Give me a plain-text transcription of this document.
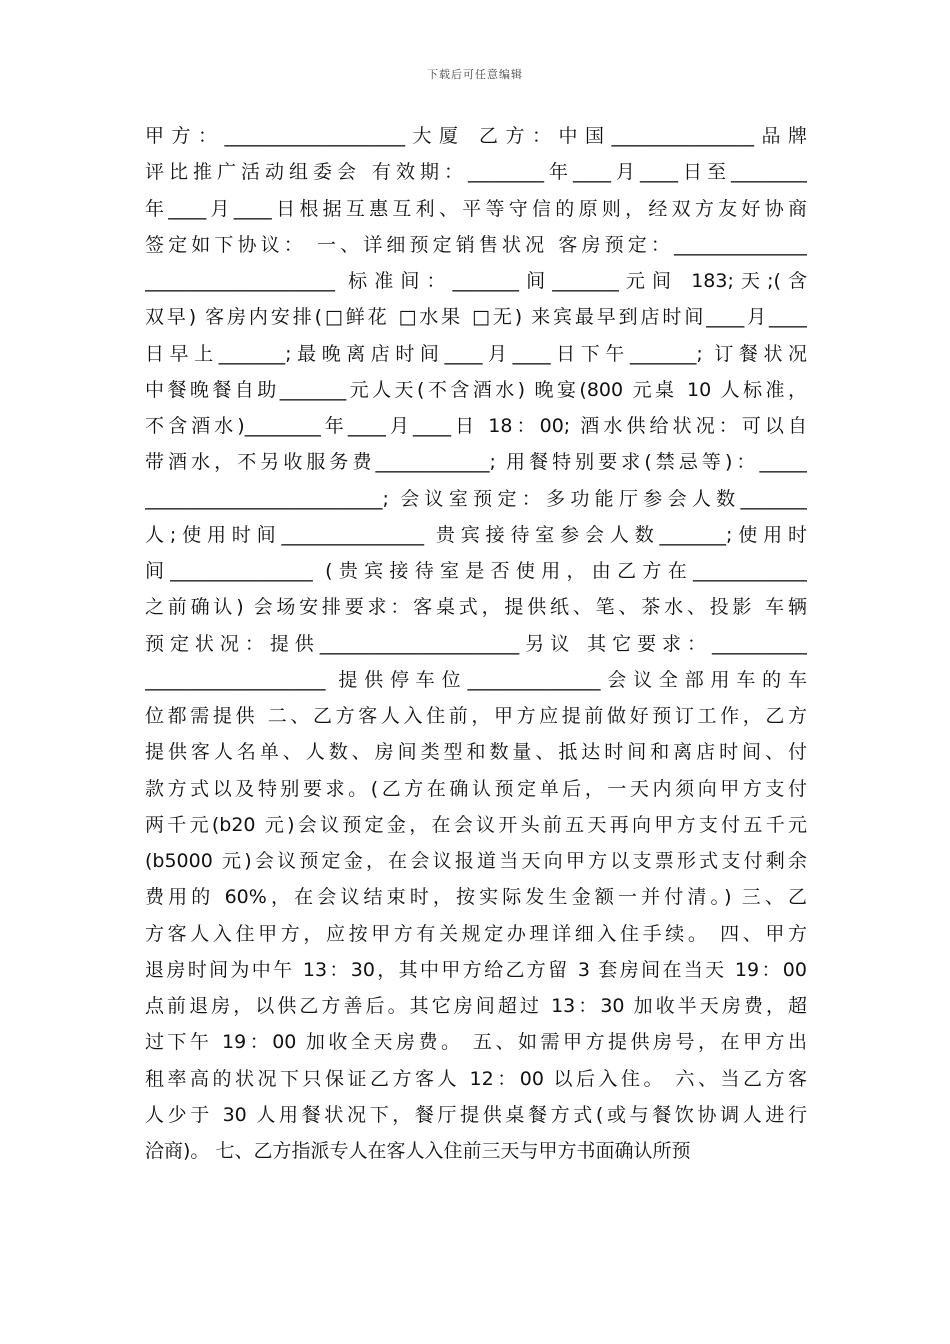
下载后可任意编辑
甲方：___________________大厦 乙方：中国_______________品牌
评比推广活动组委会 有效期：________年____月____日至________
年____月____日根据互惠互利、平等守信的原则，经双方友好协商
签定如下协议： 一、详细预定销售状况 客房预定：______________
____________________ 标准间：_______间_______元间 183;天;(含
双早) 客房内安排(□鲜花 □水果 □无) 来宾最早到店时间____月____
日早上_______;最晚离店时间____月____日下午_______; 订餐状况
中餐晚餐自助_______元人天(不含酒水) 晚宴(800 元桌 10 人标准，
不含酒水)________年____月____日 18：00; 酒水供给状况：可以自
带酒水，不另收服务费____________; 用餐特别要求(禁忌等)：_____
_________________________; 会议室预定：多功能厅参会人数_______
人;使用时间_______________ 贵宾接待室参会人数_______;使用时
间_______________ (贵宾接待室是否使用，由乙方在____________
之前确认) 会场安排要求：客桌式，提供纸、笔、茶水、投影 车辆
预定状况：提供_____________________另议 其它要求：__________
___________________ 提供停车位______________会议全部用车的车
位都需提供 二、乙方客人入住前，甲方应提前做好预订工作，乙方
提供客人名单、人数、房间类型和数量、抵达时间和离店时间、付
款方式以及特别要求。(乙方在确认预定单后，一天内须向甲方支付
两千元(b20 元)会议预定金，在会议开头前五天再向甲方支付五千元
(b5000 元)会议预定金，在会议报道当天向甲方以支票形式支付剩余
费用的 60%，在会议结束时，按实际发生金额一并付清。) 三、乙
方客人入住甲方，应按甲方有关规定办理详细入住手续。 四、甲方
退房时间为中午 13：30，其中甲方给乙方留 3 套房间在当天 19：00
点前退房，以供乙方善后。其它房间超过 13：30 加收半天房费，超
过下午 19：00 加收全天房费。 五、如需甲方提供房号，在甲方出
租率高的状况下只保证乙方客人 12：00 以后入住。 六、当乙方客
人少于 30 人用餐状况下，餐厅提供桌餐方式(或与餐饮协调人进行
洽商)。 七、乙方指派专人在客人入住前三天与甲方书面确认所预
